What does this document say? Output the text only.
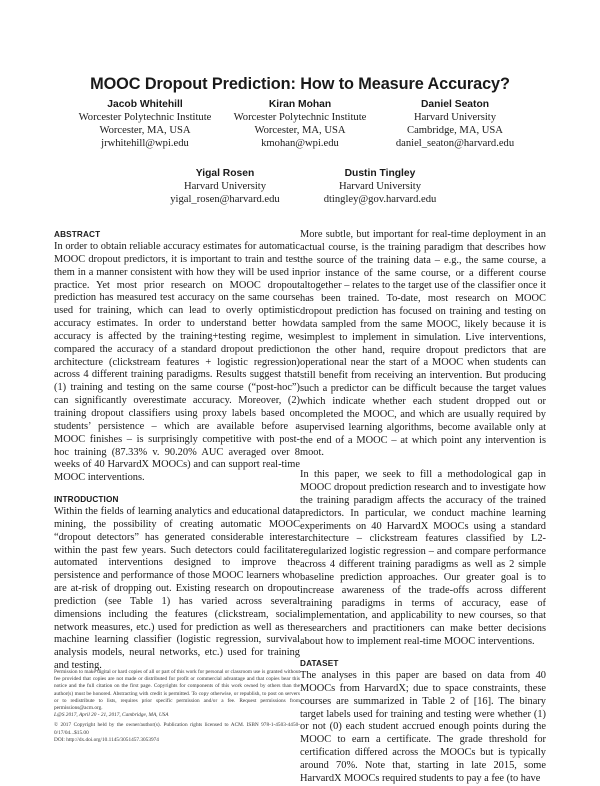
MOOC Dropout Prediction: How to Measure Accuracy?
Jacob Whitehill
Worcester Polytechnic Institute
Worcester, MA, USA
jrwhitehill@wpi.edu
Kiran Mohan
Worcester Polytechnic Institute
Worcester, MA, USA
kmohan@wpi.edu
Daniel Seaton
Harvard University
Cambridge, MA, USA
daniel_seaton@harvard.edu
Yigal Rosen
Harvard University
yigal_rosen@harvard.edu
Dustin Tingley
Harvard University
dtingley@gov.harvard.edu
ABSTRACT

In order to obtain reliable accuracy estimates for automatic MOOC dropout predictors, it is important to train and test them in a manner consistent with how they will be used in practice. Yet most prior research on MOOC dropout prediction has measured test accuracy on the same course used for training, which can lead to overly optimistic accuracy estimates. In order to understand better how accuracy is affected by the training+testing regime, we compared the accuracy of a standard dropout prediction architecture (clickstream features + logistic regression) across 4 different training paradigms. Results suggest that (1) training and testing on the same course (“post-hoc”) can significantly overestimate accuracy. Moreover, (2) training dropout classifiers using proxy labels based on students’ persistence – which are available before a MOOC finishes – is surprisingly competitive with post-hoc training (87.33% v. 90.20% AUC averaged over 8 weeks of 40 HarvardX MOOCs) and can support real-time MOOC interventions.

INTRODUCTION

Within the fields of learning analytics and educational data mining, the possibility of creating automatic MOOC “dropout detectors” has generated considerable interest within the past few years. Such detectors could facilitate automated interventions designed to improve the persistence and performance of those MOOC learners who are at-risk of dropping out. Existing research on dropout prediction (see Table 1) has varied across several dimensions including the features (clickstream, social network measures, etc.) used for prediction as well as the machine learning classifier (logistic regression, survival analysis models, neural networks, etc.) used for training and testing.

Permission to make digital or hard copies of all or part of this work for personal or classroom use is granted without fee provided that copies are not made or distributed for profit or commercial advantage and that copies bear this notice and the full citation on the first page. Copyrights for components of this work owned by others than the author(s) must be honored. Abstracting with credit is permitted. To copy otherwise, or republish, to post on servers or to redistribute to lists, requires prior specific permission and/or a fee. Request permissions from permissions@acm.org.
L@S 2017, April 20 - 21, 2017, Cambridge, MA, USA
© 2017 Copyright held by the owner/author(s). Publication rights licensed to ACM. ISBN 978-1-4503-4450-0/17/04...$15.00
DOI: http://dx.doi.org/10.1145/3051457.3053974

More subtle, but important for real-time deployment in an actual course, is the training paradigm that describes how the source of the training data – e.g., the same course, a prior instance of the same course, or a different course altogether – relates to the target use of the classifier once it has been trained. To-date, most research on MOOC dropout prediction has focused on training and testing on data sampled from the same MOOC, likely because it is simplest to implement in simulation. Live interventions, on the other hand, require dropout predictors that are operational near the start of a MOOC when students can still benefit from receiving an intervention. But producing such a predictor can be difficult because the target values which indicate whether each student dropped out or completed the MOOC, and which are usually required by supervised learning algorithms, become available only at the end of a MOOC – at which point any intervention is moot.

In this paper, we seek to fill a methodological gap in MOOC dropout prediction research and to investigate how the training paradigm affects the accuracy of the trained predictors. In particular, we conduct machine learning experiments on 40 HarvardX MOOCs using a standard architecture – clickstream features classified by L2-regularized logistic regression – and compare performance across 4 different training paradigms as well as 2 simple baseline prediction approaches. Our greater goal is to increase awareness of the trade-offs across different training paradigms in terms of accuracy, ease of implementation, and applicability to new courses, so that researchers and practitioners can make better decisions about how to implement real-time MOOC interventions.

DATASET

The analyses in this paper are based on data from 40 MOOCs from HarvardX; due to space constraints, these courses are summarized in Table 2 of [16]. The binary target labels used for training and testing were whether (1) or not (0) each student accrued enough points during the MOOC to earn a certificate. The grade threshold for certification differed across the MOOCs but is typically around 70%. Note that, starting in late 2015, some HarvardX MOOCs required students to pay a fee (to have
